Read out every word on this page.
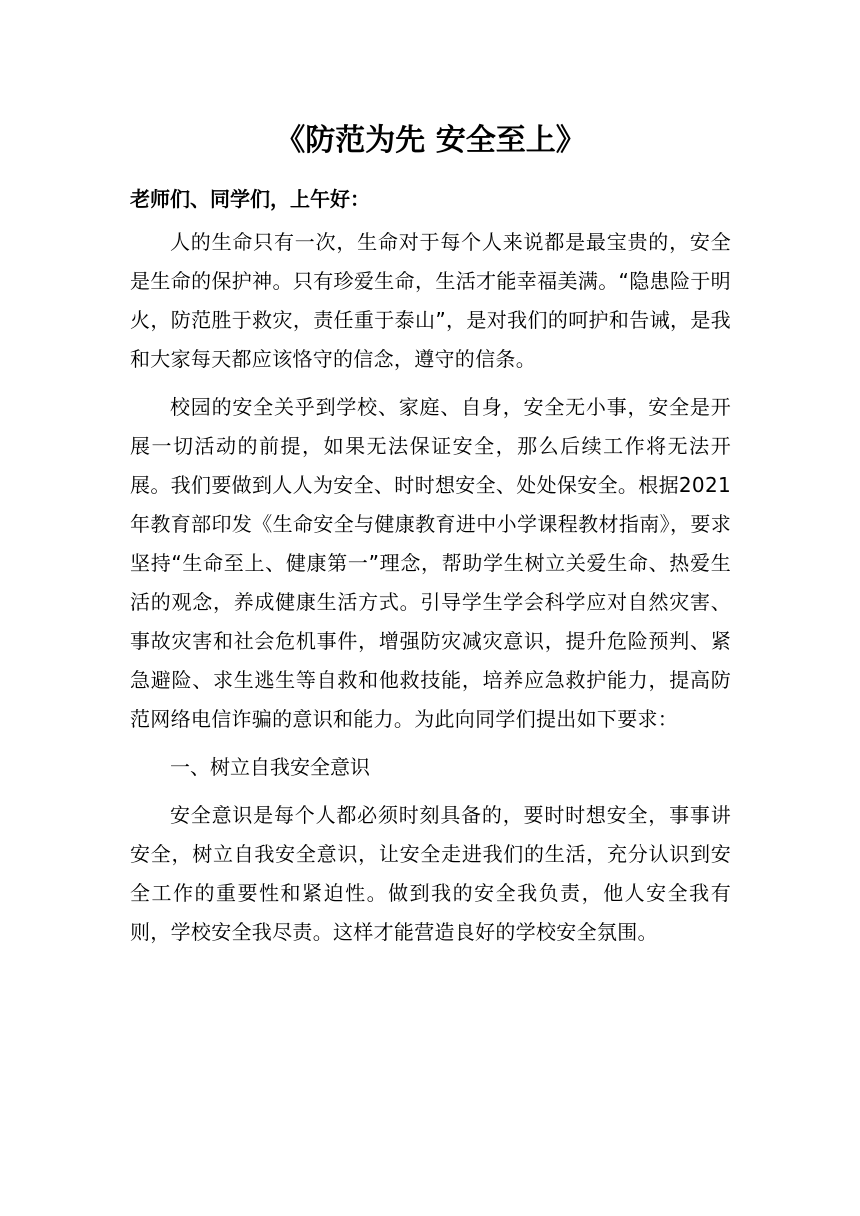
《防范为先 安全至上》

老师们、同学们，上午好：

人的生命只有一次，生命对于每个人来说都是最宝贵的，安全是生命的保护神。只有珍爱生命，生活才能幸福美满。“隐患险于明火，防范胜于救灾，责任重于泰山”，是对我们的呵护和告诫，是我和大家每天都应该恪守的信念，遵守的信条。

校园的安全关乎到学校、家庭、自身，安全无小事，安全是开展一切活动的前提，如果无法保证安全，那么后续工作将无法开展。我们要做到人人为安全、时时想安全、处处保安全。根据2021年教育部印发《生命安全与健康教育进中小学课程教材指南》，要求坚持“生命至上、健康第一”理念，帮助学生树立关爱生命、热爱生活的观念，养成健康生活方式。引导学生学会科学应对自然灾害、事故灾害和社会危机事件，增强防灾减灾意识，提升危险预判、紧急避险、求生逃生等自救和他救技能，培养应急救护能力，提高防范网络电信诈骗的意识和能力。为此向同学们提出如下要求：

一、树立自我安全意识

安全意识是每个人都必须时刻具备的，要时时想安全，事事讲安全，树立自我安全意识，让安全走进我们的生活，充分认识到安全工作的重要性和紧迫性。做到我的安全我负责，他人安全我有则，学校安全我尽责。这样才能营造良好的学校安全氛围。
